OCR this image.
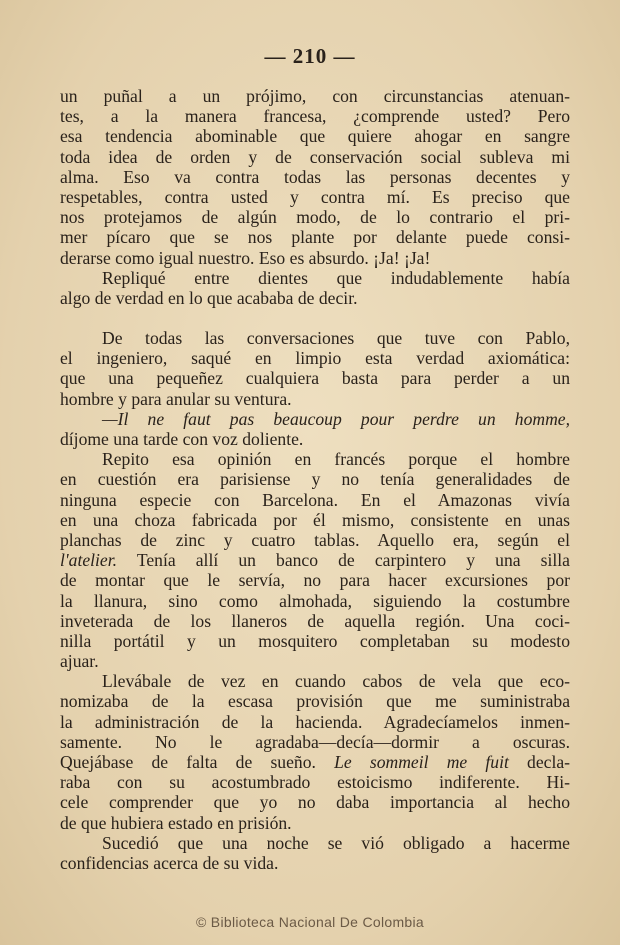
— 210 —
un puñal a un prójimo, con circunstancias atenuan-
tes, a la manera francesa, ¿comprende usted? Pero
esa tendencia abominable que quiere ahogar en sangre
toda idea de orden y de conservación social subleva mi
alma. Eso va contra todas las personas decentes y
respetables, contra usted y contra mí. Es preciso que
nos protejamos de algún modo, de lo contrario el pri-
mer pícaro que se nos plante por delante puede consi-
derarse como igual nuestro. Eso es absurdo. ¡Ja! ¡Ja!
Repliqué entre dientes que indudablemente había
algo de verdad en lo que acababa de decir.
De todas las conversaciones que tuve con Pablo,
el ingeniero, saqué en limpio esta verdad axiomática:
que una pequeñez cualquiera basta para perder a un
hombre y para anular su ventura.
—Il ne faut pas beaucoup pour perdre un homme,
díjome una tarde con voz doliente.
Repito esa opinión en francés porque el hombre
en cuestión era parisiense y no tenía generalidades de
ninguna especie con Barcelona. En el Amazonas vivía
en una choza fabricada por él mismo, consistente en unas
planchas de zinc y cuatro tablas. Aquello era, según el
l'atelier. Tenía allí un banco de carpintero y una silla
de montar que le servía, no para hacer excursiones por
la llanura, sino como almohada, siguiendo la costumbre
inveterada de los llaneros de aquella región. Una coci-
nilla portátil y un mosquitero completaban su modesto
ajuar.
Llevábale de vez en cuando cabos de vela que eco-
nomizaba de la escasa provisión que me suministraba
la administración de la hacienda. Agradecíamelos inmen-
samente. No le agradaba—decía—dormir a oscuras.
Quejábase de falta de sueño. Le sommeil me fuit decla-
raba con su acostumbrado estoicismo indiferente. Hi-
cele comprender que yo no daba importancia al hecho
de que hubiera estado en prisión.
Sucedió que una noche se vió obligado a hacerme
confidencias acerca de su vida.
© Biblioteca Nacional De Colombia
